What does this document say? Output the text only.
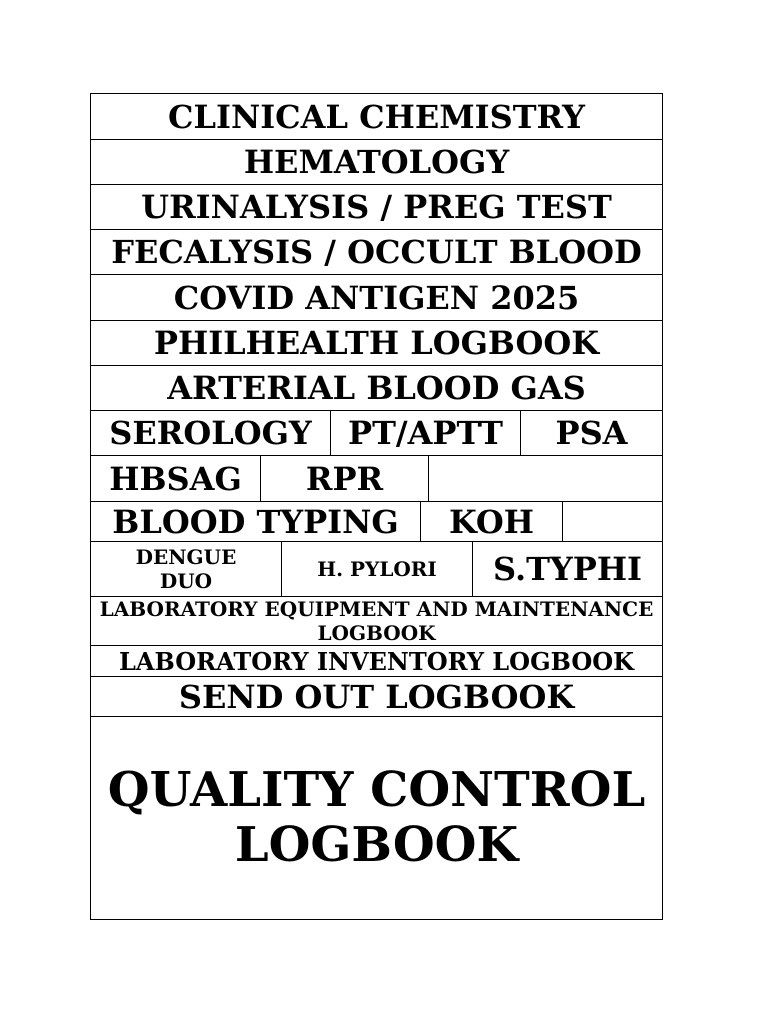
CLINICAL CHEMISTRY
HEMATOLOGY
URINALYSIS / PREG TEST
FECALYSIS / OCCULT BLOOD
COVID ANTIGEN 2025
PHILHEALTH LOGBOOK
ARTERIAL BLOOD GAS
SEROLOGY PT/APTT PSA
HBSAG RPR
BLOOD TYPING KOH
DENGUE
DUO	H. PYLORI S.TYPHI
LABORATORY EQUIPMENT AND MAINTENANCE
LOGBOOK
LABORATORY INVENTORY LOGBOOK
SEND OUT LOGBOOK
QUALITY CONTROL
LOGBOOK
